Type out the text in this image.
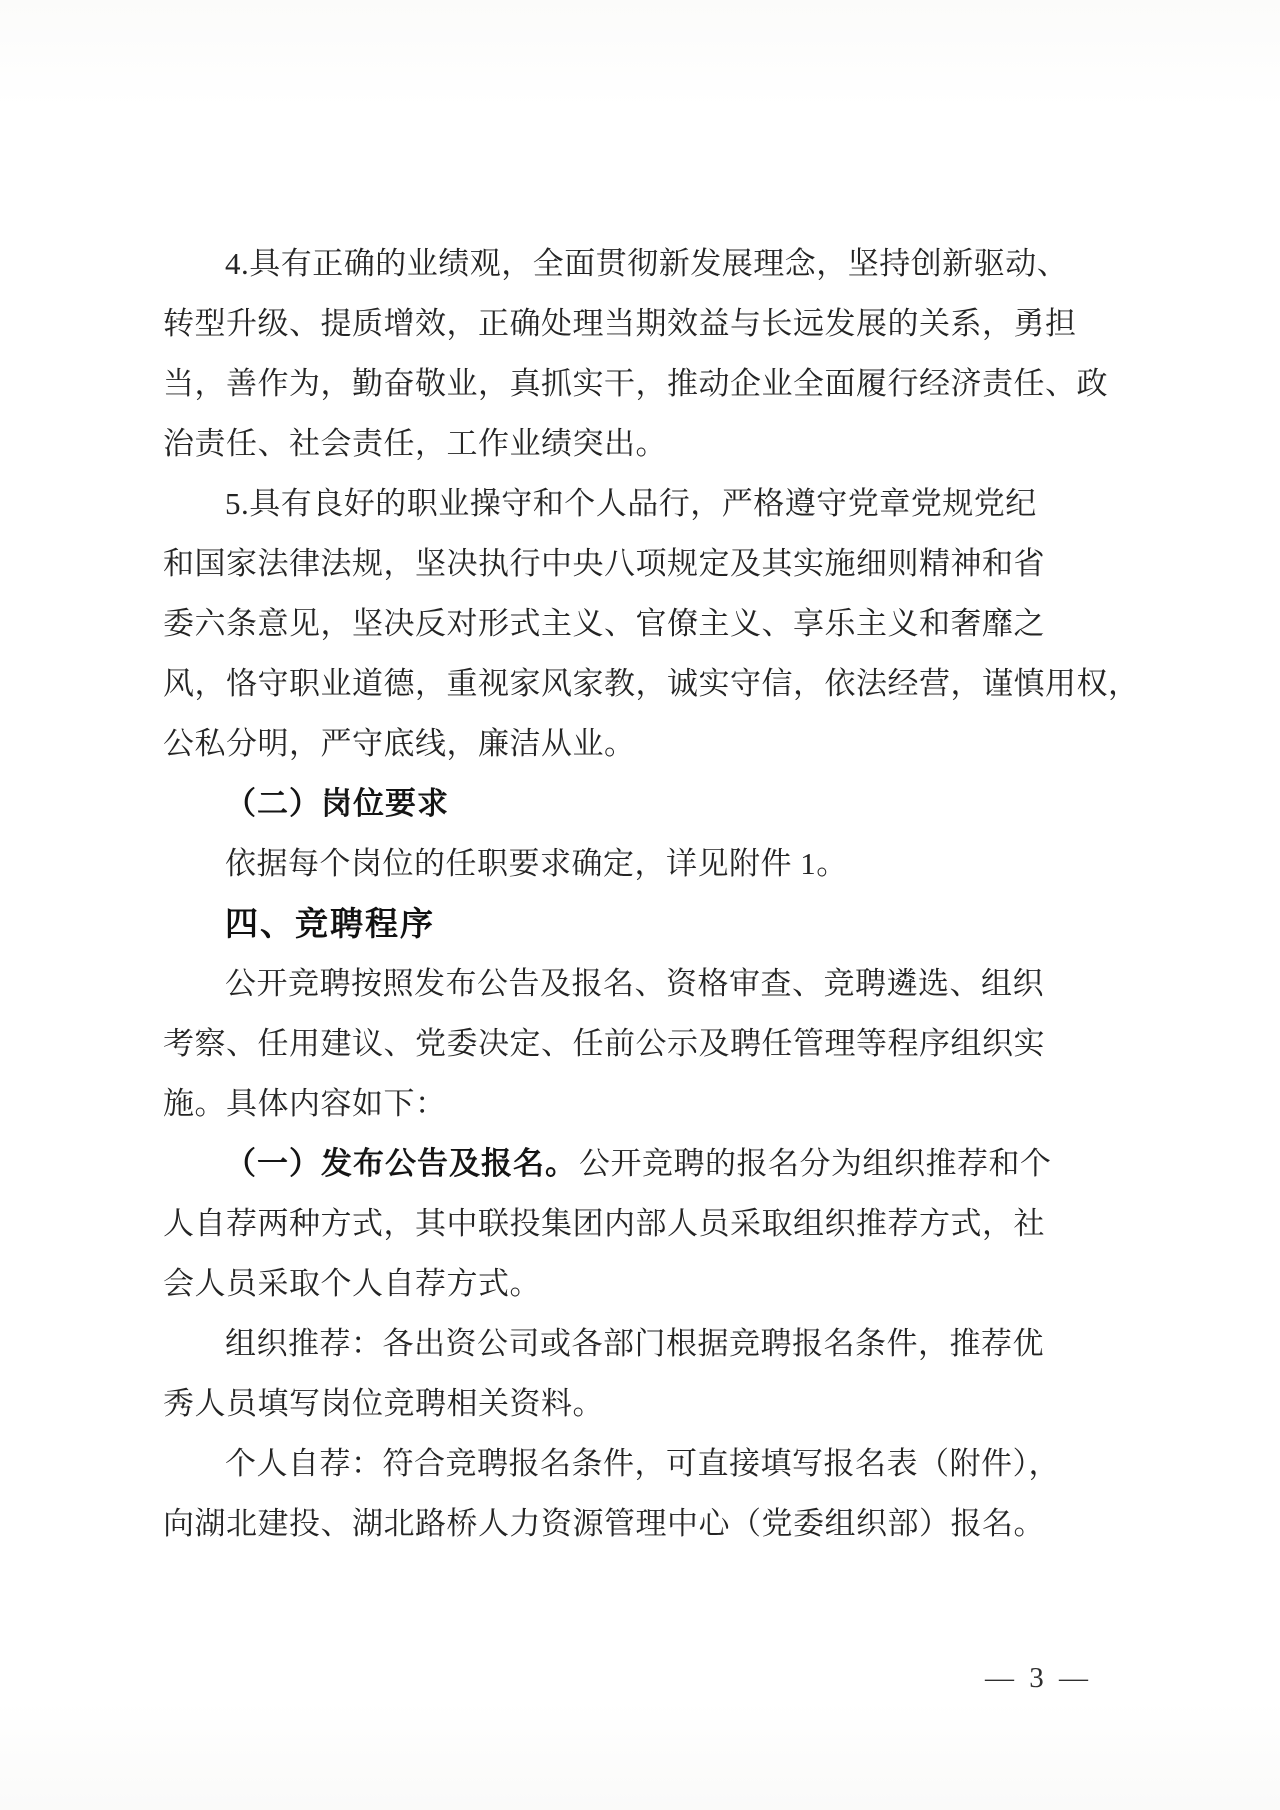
4.具有正确的业绩观，全面贯彻新发展理念，坚持创新驱动、
转型升级、提质增效，正确处理当期效益与长远发展的关系，勇担
当，善作为，勤奋敬业，真抓实干，推动企业全面履行经济责任、政
治责任、社会责任，工作业绩突出。
5.具有良好的职业操守和个人品行，严格遵守党章党规党纪
和国家法律法规，坚决执行中央八项规定及其实施细则精神和省
委六条意见，坚决反对形式主义、官僚主义、享乐主义和奢靡之
风，恪守职业道德，重视家风家教，诚实守信，依法经营，谨慎用权，
公私分明，严守底线，廉洁从业。
（二）岗位要求
依据每个岗位的任职要求确定，详见附件 1。
四、竞聘程序
公开竞聘按照发布公告及报名、资格审查、竞聘遴选、组织
考察、任用建议、党委决定、任前公示及聘任管理等程序组织实
施。具体内容如下：
（一）发布公告及报名。公开竞聘的报名分为组织推荐和个
人自荐两种方式，其中联投集团内部人员采取组织推荐方式，社
会人员采取个人自荐方式。
组织推荐：各出资公司或各部门根据竞聘报名条件，推荐优
秀人员填写岗位竞聘相关资料。
个人自荐：符合竞聘报名条件，可直接填写报名表（附件），
向湖北建投、湖北路桥人力资源管理中心（党委组织部）报名。
— 3 —
